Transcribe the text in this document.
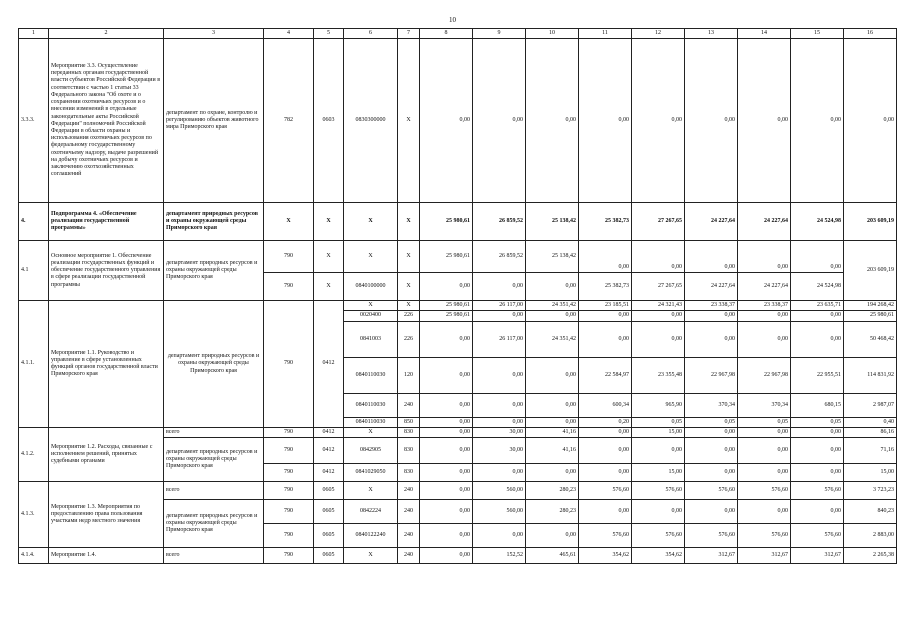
10
1	2	3	4	5	6	7	8	9	10	11	12	13	14	15	16
3.3.3.	Мероприятие 3.3. Осуществление переданных органам государственной власти субъектов Российской Федерации в соответствии с частью 1 статьи 33 Федерального закона "Об охоте и о сохранении охотничьих ресурсов и о внесении изменений в отдельные законодательные акты Российской Федерации" полномочий Российской Федерации в области охраны и использования охотничьих ресурсов по федеральному государственному охотничьему надзору, выдаче разрешений на добычу охотничьих ресурсов и заключению охотхозяйственных соглашений	департамент по охране, контролю и регулированию объектов животного мира Приморского края	782	0603	0830300000	X	0,00	0,00	0,00	0,00	0,00	0,00	0,00	0,00	0,00
4.	Подпрограмма 4. «Обеспечение реализации государственной программы»	департамент природных ресурсов и охраны окружающей среды Приморского края	X	X	X	X	25 980,61	26 859,52	25 138,42	25 382,73	27 267,65	24 227,64	24 227,64	24 524,98	203 609,19
4.1	Основное мероприятие 1. Обеспечение реализации государственных функций и обеспечение государственного управления в сфере реализации государственной программы	департамент природных ресурсов и охраны окружающей среды Приморского края	790	X	X	X	25 980,61	26 859,52	25 138,42	0,00	0,00	0,00	0,00	0,00	203 609,19
			790	X	0840100000	X	0,00	0,00	0,00	25 382,73	27 267,65	24 227,64	24 227,64	24 524,98	
4.1.1.	Мероприятие 1.1. Руководство и управление в сфере установленных функций органов государственной власти Приморского края	департамент природных ресурсов и охраны окружающей среды Приморского края	790	0412	X	X	25 980,61	26 117,00	24 351,42	23 185,51	24 321,43	23 338,37	23 338,37	23 635,71	194 268,42
					0020400	226	25 980,61	0,00	0,00	0,00	0,00	0,00	0,00	0,00	25 980,61
					0841003	226	0,00	26 117,00	24 351,42	0,00	0,00	0,00	0,00	0,00	50 468,42
					0840110030	120	0,00	0,00	0,00	22 584,97	23 355,48	22 967,98	22 967,98	22 955,51	114 831,92
					0840110030	240	0,00	0,00	0,00	600,34	965,90	370,34	370,34	680,15	2 987,07
					0840110030	850	0,00	0,00	0,00	0,20	0,05	0,05	0,05	0,05	0,40
4.1.2.	Мероприятие 1.2. Расходы, связанные с исполнением решений, принятых судебными органами	всего	790	0412	X	830	0,00	30,00	41,16	0,00	15,00	0,00	0,00	0,00	86,16
		департамент природных ресурсов и охраны окружающей среды Приморского края	790	0412	0842905	830	0,00	30,00	41,16	0,00	0,00	0,00	0,00	0,00	71,16
			790	0412	0841029050	830	0,00	0,00	0,00	0,00	15,00	0,00	0,00	0,00	15,00
4.1.3.	Мероприятие 1.3. Мероприятия по предоставлению права пользования участками недр местного значения	всего	790	0605	X	240	0,00	560,00	280,23	576,60	576,60	576,60	576,60	576,60	3 723,23
		департамент природных ресурсов и охраны окружающей среды Приморского края	790	0605	0842224	240	0,00	560,00	280,23	0,00	0,00	0,00	0,00	0,00	840,23
			790	0605	0840122240	240	0,00	0,00	0,00	576,60	576,60	576,60	576,60	576,60	2 883,00
4.1.4.	Мероприятие 1.4.	всего	790	0605	X	240	0,00	152,52	465,61	354,62	354,62	312,67	312,67	312,67	2 265,38
